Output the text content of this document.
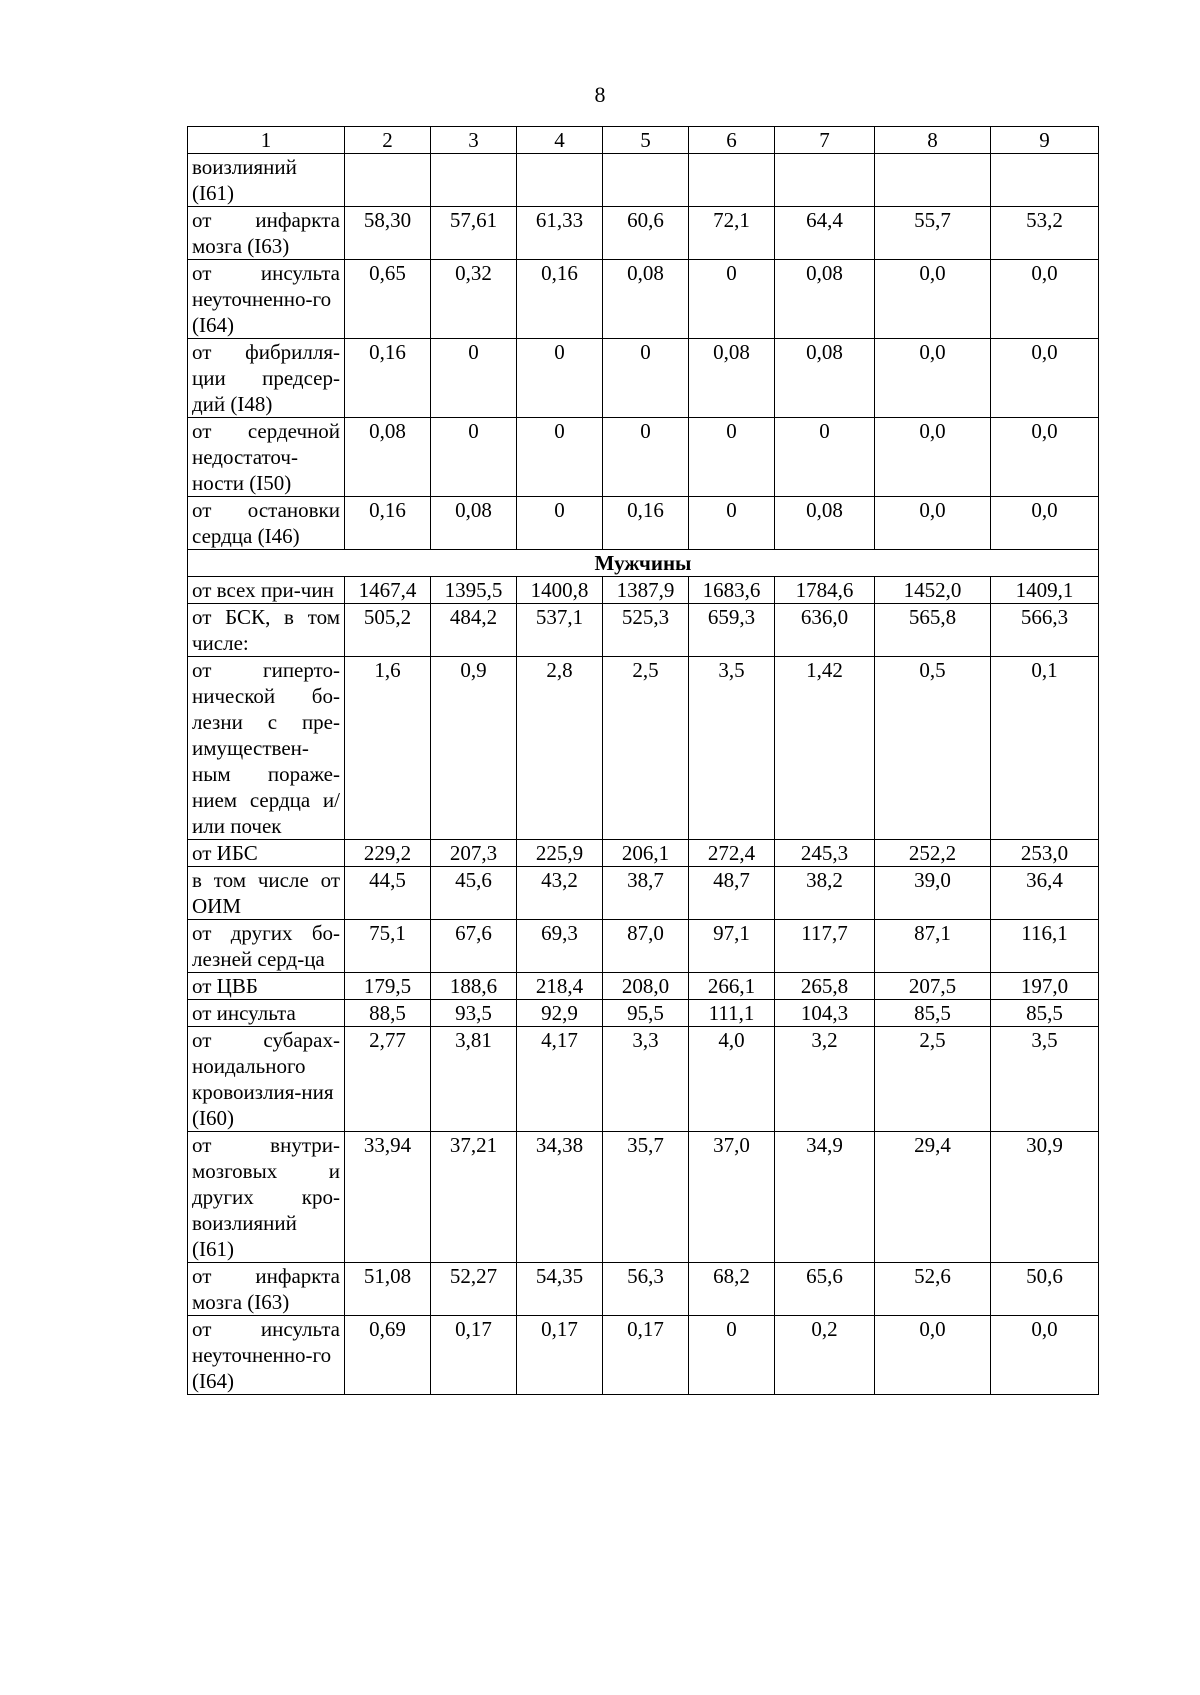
8
1	2	3	4	5	6	7	8	9
воизлияний (I61)								
от инфаркта мозга (I63)	58,30	57,61	61,33	60,6	72,1	64,4	55,7	53,2
от инсульта неуточненно-го (I64)	0,65	0,32	0,16	0,08	0	0,08	0,0	0,0
от фибрилля-ции предсер-дий (I48)	0,16	0	0	0	0,08	0,08	0,0	0,0
от сердечной недостаточ-ности (I50)	0,08	0	0	0	0	0	0,0	0,0
от остановки сердца (I46)	0,16	0,08	0	0,16	0	0,08	0,0	0,0
Мужчины								
от всех при-чин	1467,4	1395,5	1400,8	1387,9	1683,6	1784,6	1452,0	1409,1
от БСК, в том числе:	505,2	484,2	537,1	525,3	659,3	636,0	565,8	566,3
от гиперто-нической бо-лезни с пре-имуществен-ным пораже-нием сердца и/или почек	1,6	0,9	2,8	2,5	3,5	1,42	0,5	0,1
от ИБС	229,2	207,3	225,9	206,1	272,4	245,3	252,2	253,0
в том числе от ОИМ	44,5	45,6	43,2	38,7	48,7	38,2	39,0	36,4
от других бо-лезней серд-ца	75,1	67,6	69,3	87,0	97,1	117,7	87,1	116,1
от ЦВБ	179,5	188,6	218,4	208,0	266,1	265,8	207,5	197,0
от инсульта	88,5	93,5	92,9	95,5	111,1	104,3	85,5	85,5
от субарах-ноидального кровоизлия-ния (I60)	2,77	3,81	4,17	3,3	4,0	3,2	2,5	3,5
от внутри-мозговых и других кро-воизлияний (I61)	33,94	37,21	34,38	35,7	37,0	34,9	29,4	30,9
от инфаркта мозга (I63)	51,08	52,27	54,35	56,3	68,2	65,6	52,6	50,6
от инсульта неуточненно-го (I64)	0,69	0,17	0,17	0,17	0	0,2	0,0	0,0
